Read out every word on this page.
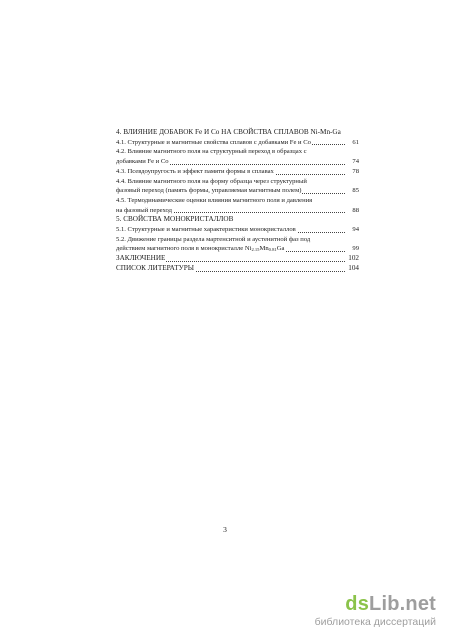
4. ВЛИЯНИЕ ДОБАВОК Fe И Co НА СВОЙСТВА СПЛАВОВ Ni-Mn-Ga
4.1. Структурные и магнитные свойства сплавов с добавками Fe и Co	61
4.2. Влияние магнитного поля на структурный переход в образцах с
добавками Fe и Co	74
4.3. Псевдоупругость и эффект памяти формы в сплавах	78
4.4. Влияние магнитного поля на форму образца через структурный
фазовый переход (память формы, управляемая магнитным полем)	85
4.5. Термодинамические оценки влияния магнитного поля и давления
на фазовый переход	88
5. СВОЙСТВА МОНОКРИСТАЛЛОВ
5.1. Структурные и магнитные характеристики монокристаллов	94
5.2. Движение границы раздела мартенситной и аустенитной фаз под
действием магнитного поля в монокристалле $Ni_{2.15}Mn_{0.81}Ga$	99
ЗАКЛЮЧЕНИЕ	102
СПИСОК ЛИТЕРАТУРЫ	104
3
dsLib.net
библиотека диссертаций
